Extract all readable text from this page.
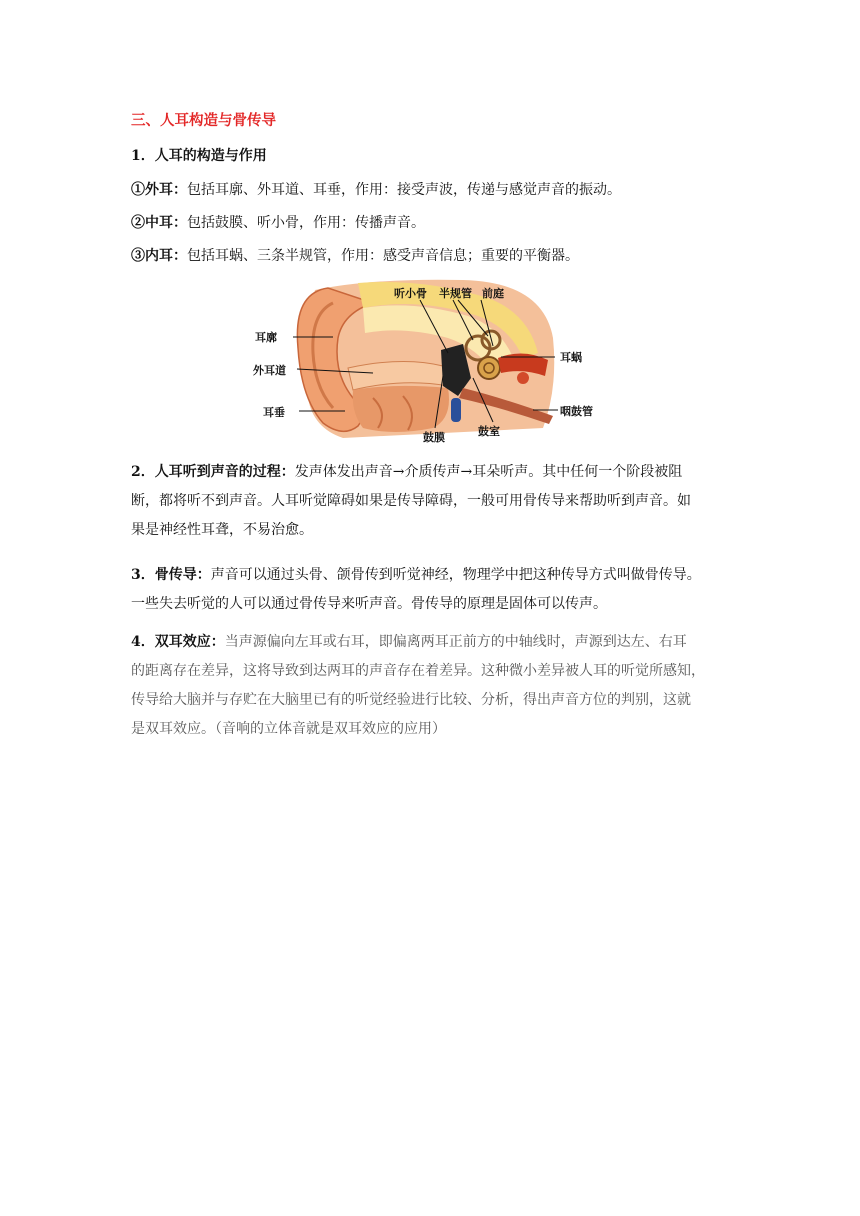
三、人耳构造与骨传导
1．人耳的构造与作用
①外耳：包括耳廓、外耳道、耳垂，作用：接受声波，传递与感觉声音的振动。
②中耳：包括鼓膜、听小骨，作用：传播声音。
③内耳：包括耳蜗、三条半规管，作用：感受声音信息；重要的平衡器。
听小骨 半规管 前庭
耳廓
耳蜗
外耳道
耳垂	咽鼓管
鼓膜	鼓室
2．人耳听到声音的过程：发声体发出声音→介质传声→耳朵听声。其中任何一个阶段被阻
断，都将听不到声音。人耳听觉障碍如果是传导障碍，一般可用骨传导来帮助听到声音。如
果是神经性耳聋，不易治愈。
3．骨传导：声音可以通过头骨、颌骨传到听觉神经，物理学中把这种传导方式叫做骨传导。
一些失去听觉的人可以通过骨传导来听声音。骨传导的原理是固体可以传声。
4．双耳效应：当声源偏向左耳或右耳，即偏离两耳正前方的中轴线时，声源到达左、右耳
的距离存在差异，这将导致到达两耳的声音存在着差异。这种微小差异被人耳的听觉所感知，
传导给大脑并与存贮在大脑里已有的听觉经验进行比较、分析，得出声音方位的判别，这就
是双耳效应。（音响的立体音就是双耳效应的应用）
